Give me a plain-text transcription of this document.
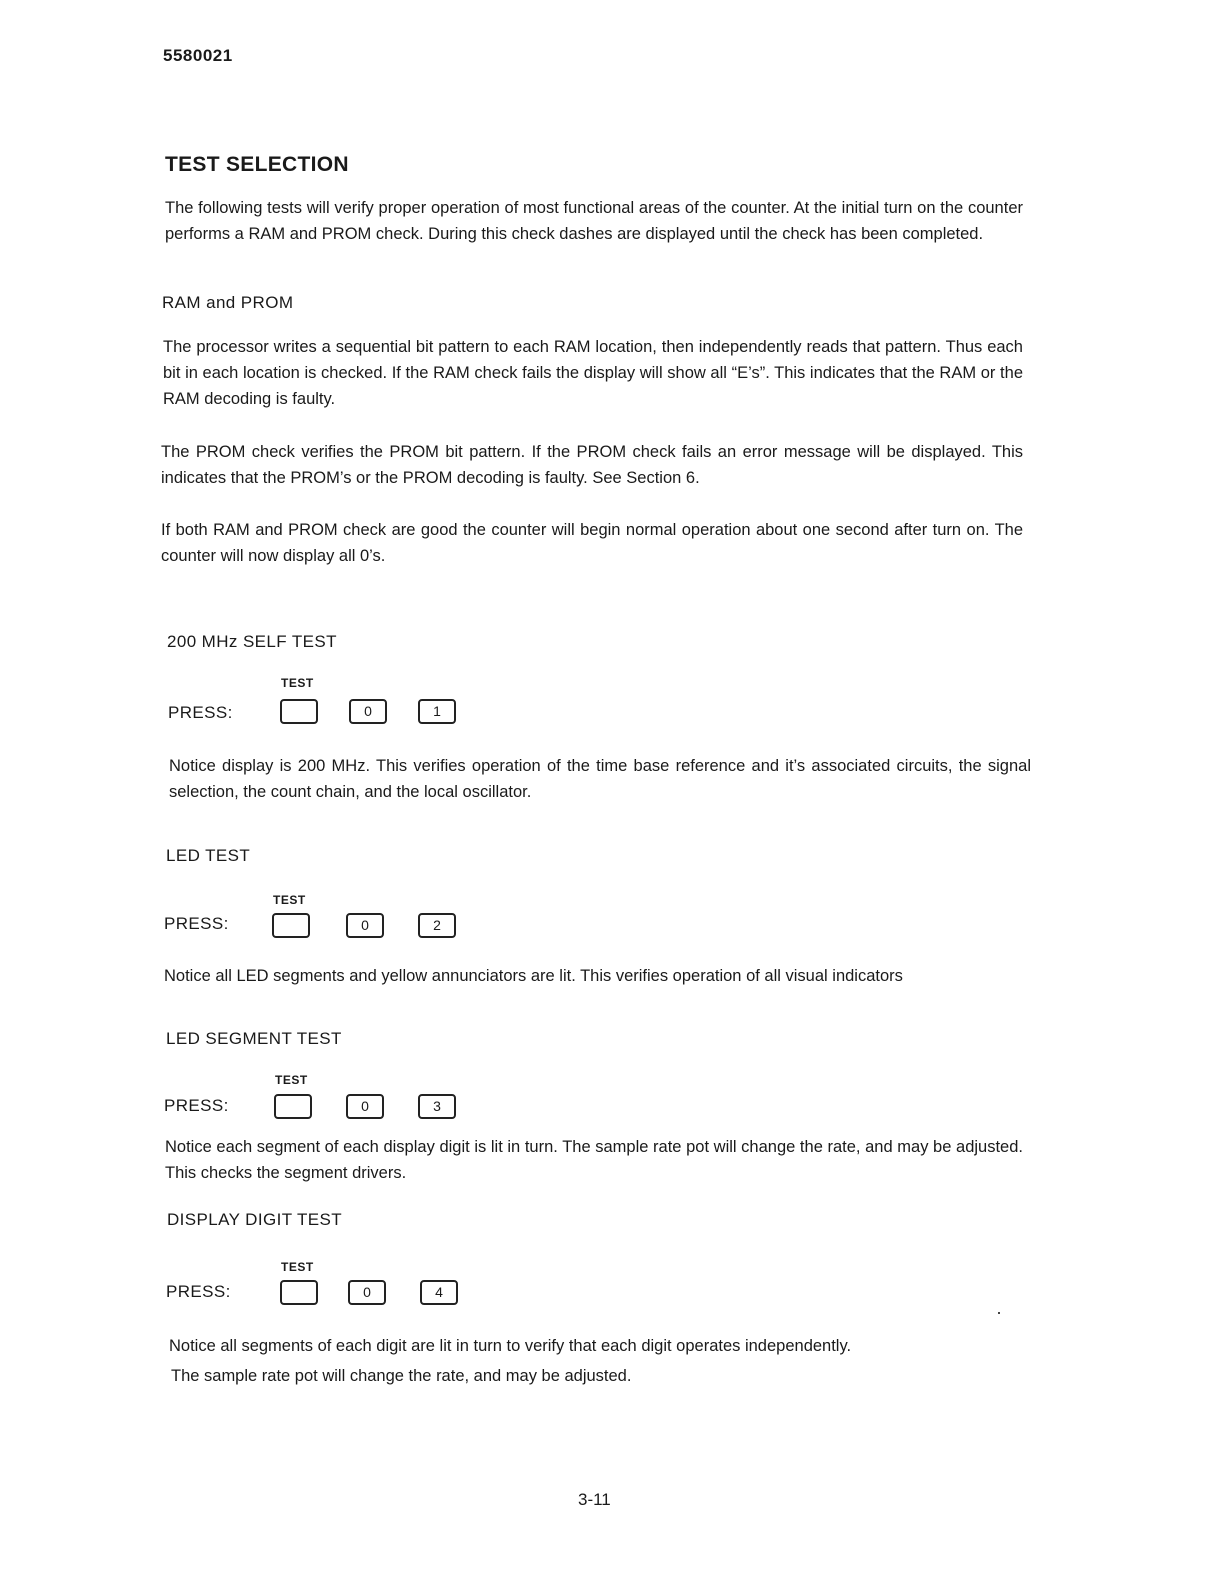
5580021
TEST SELECTION
The following tests will verify proper operation of most functional areas of the counter. At the initial turn on the counter performs a RAM and PROM check. During this check dashes are displayed until the check has been completed.
RAM and PROM
The processor writes a sequential bit pattern to each RAM location, then independently reads that pattern. Thus each bit in each location is checked. If the RAM check fails the display will show all “E’s”. This indicates that the RAM or the RAM decoding is faulty.
The PROM check verifies the PROM bit pattern. If the PROM check fails an error message will be displayed. This indicates that the PROM’s or the PROM decoding is faulty. See Section 6.
If both RAM and PROM check are good the counter will begin normal operation about one second after turn on. The counter will now display all 0’s.
200 MHz SELF TEST
TEST
PRESS:	0	1
Notice display is 200 MHz. This verifies operation of the time base reference and it’s associated circuits, the signal selection, the count chain, and the local oscillator.
LED TEST
TEST
PRESS:	0	2
Notice all LED segments and yellow annunciators are lit. This verifies operation of all visual indicators
LED SEGMENT TEST
TEST
PRESS:	0	3
Notice each segment of each display digit is lit in turn. The sample rate pot will change the rate, and may be adjusted. This checks the segment drivers.
DISPLAY DIGIT TEST
TEST
PRESS:	0	4
Notice all segments of each digit are lit in turn to verify that each digit operates independently.
The sample rate pot will change the rate, and may be adjusted.
3-11
